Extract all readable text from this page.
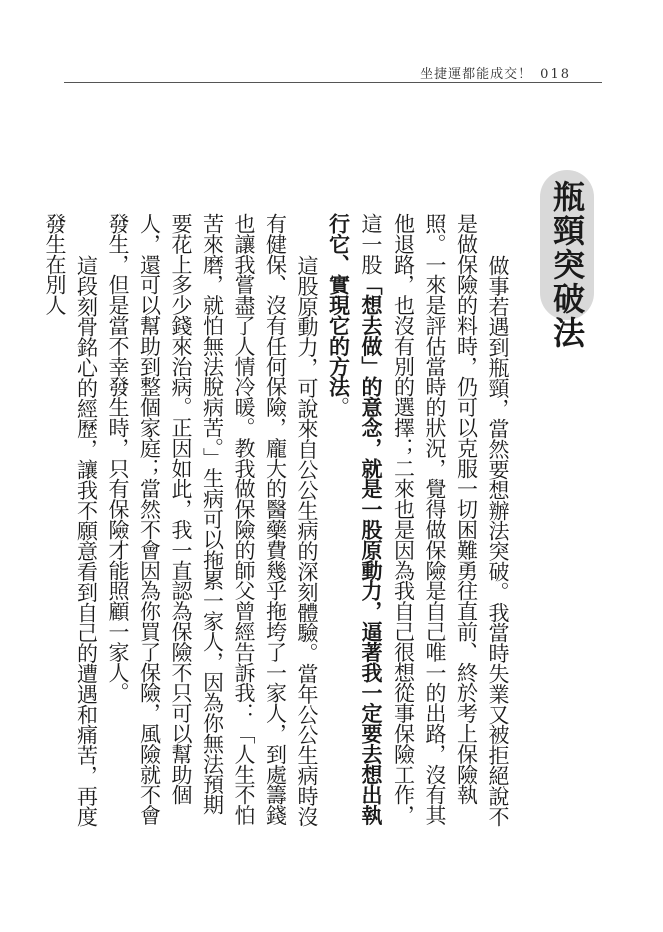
坐捷運都能成交！ 018
瓶頸突破法

做事若遇到瓶頸，當然要想辦法突破。我當時失業又被拒絕說不是做保險的料時，仍可以克服一切困難勇往直前、終於考上保險執照。一來是評估當時的狀況，覺得做保險是自己唯一的出路，沒有其他退路，也沒有別的選擇；二來也是因為我自己很想從事保險工作，這一股「想去做」的意念，就是一股原動力，逼著我一定要去想出執行它、實現它的方法。

這股原動力，可說來自公公生病的深刻體驗。當年公公生病時沒有健保、沒有任何保險，龐大的醫藥費幾乎拖垮了一家人，到處籌錢也讓我嘗盡了人情冷暖。教我做保險的師父曾經告訴我：「人生不怕苦來磨，就怕無法脫病苦。」生病可以拖累一家人，因為你無法預期要花上多少錢來治病。正因如此，我一直認為保險不只可以幫助個人，還可以幫助到整個家庭；當然不會因為你買了保險，風險就不會發生，但是當不幸發生時，只有保險才能照顧一家人。

這段刻骨銘心的經歷，讓我不願意看到自己的遭遇和痛苦，再度發生在別人
